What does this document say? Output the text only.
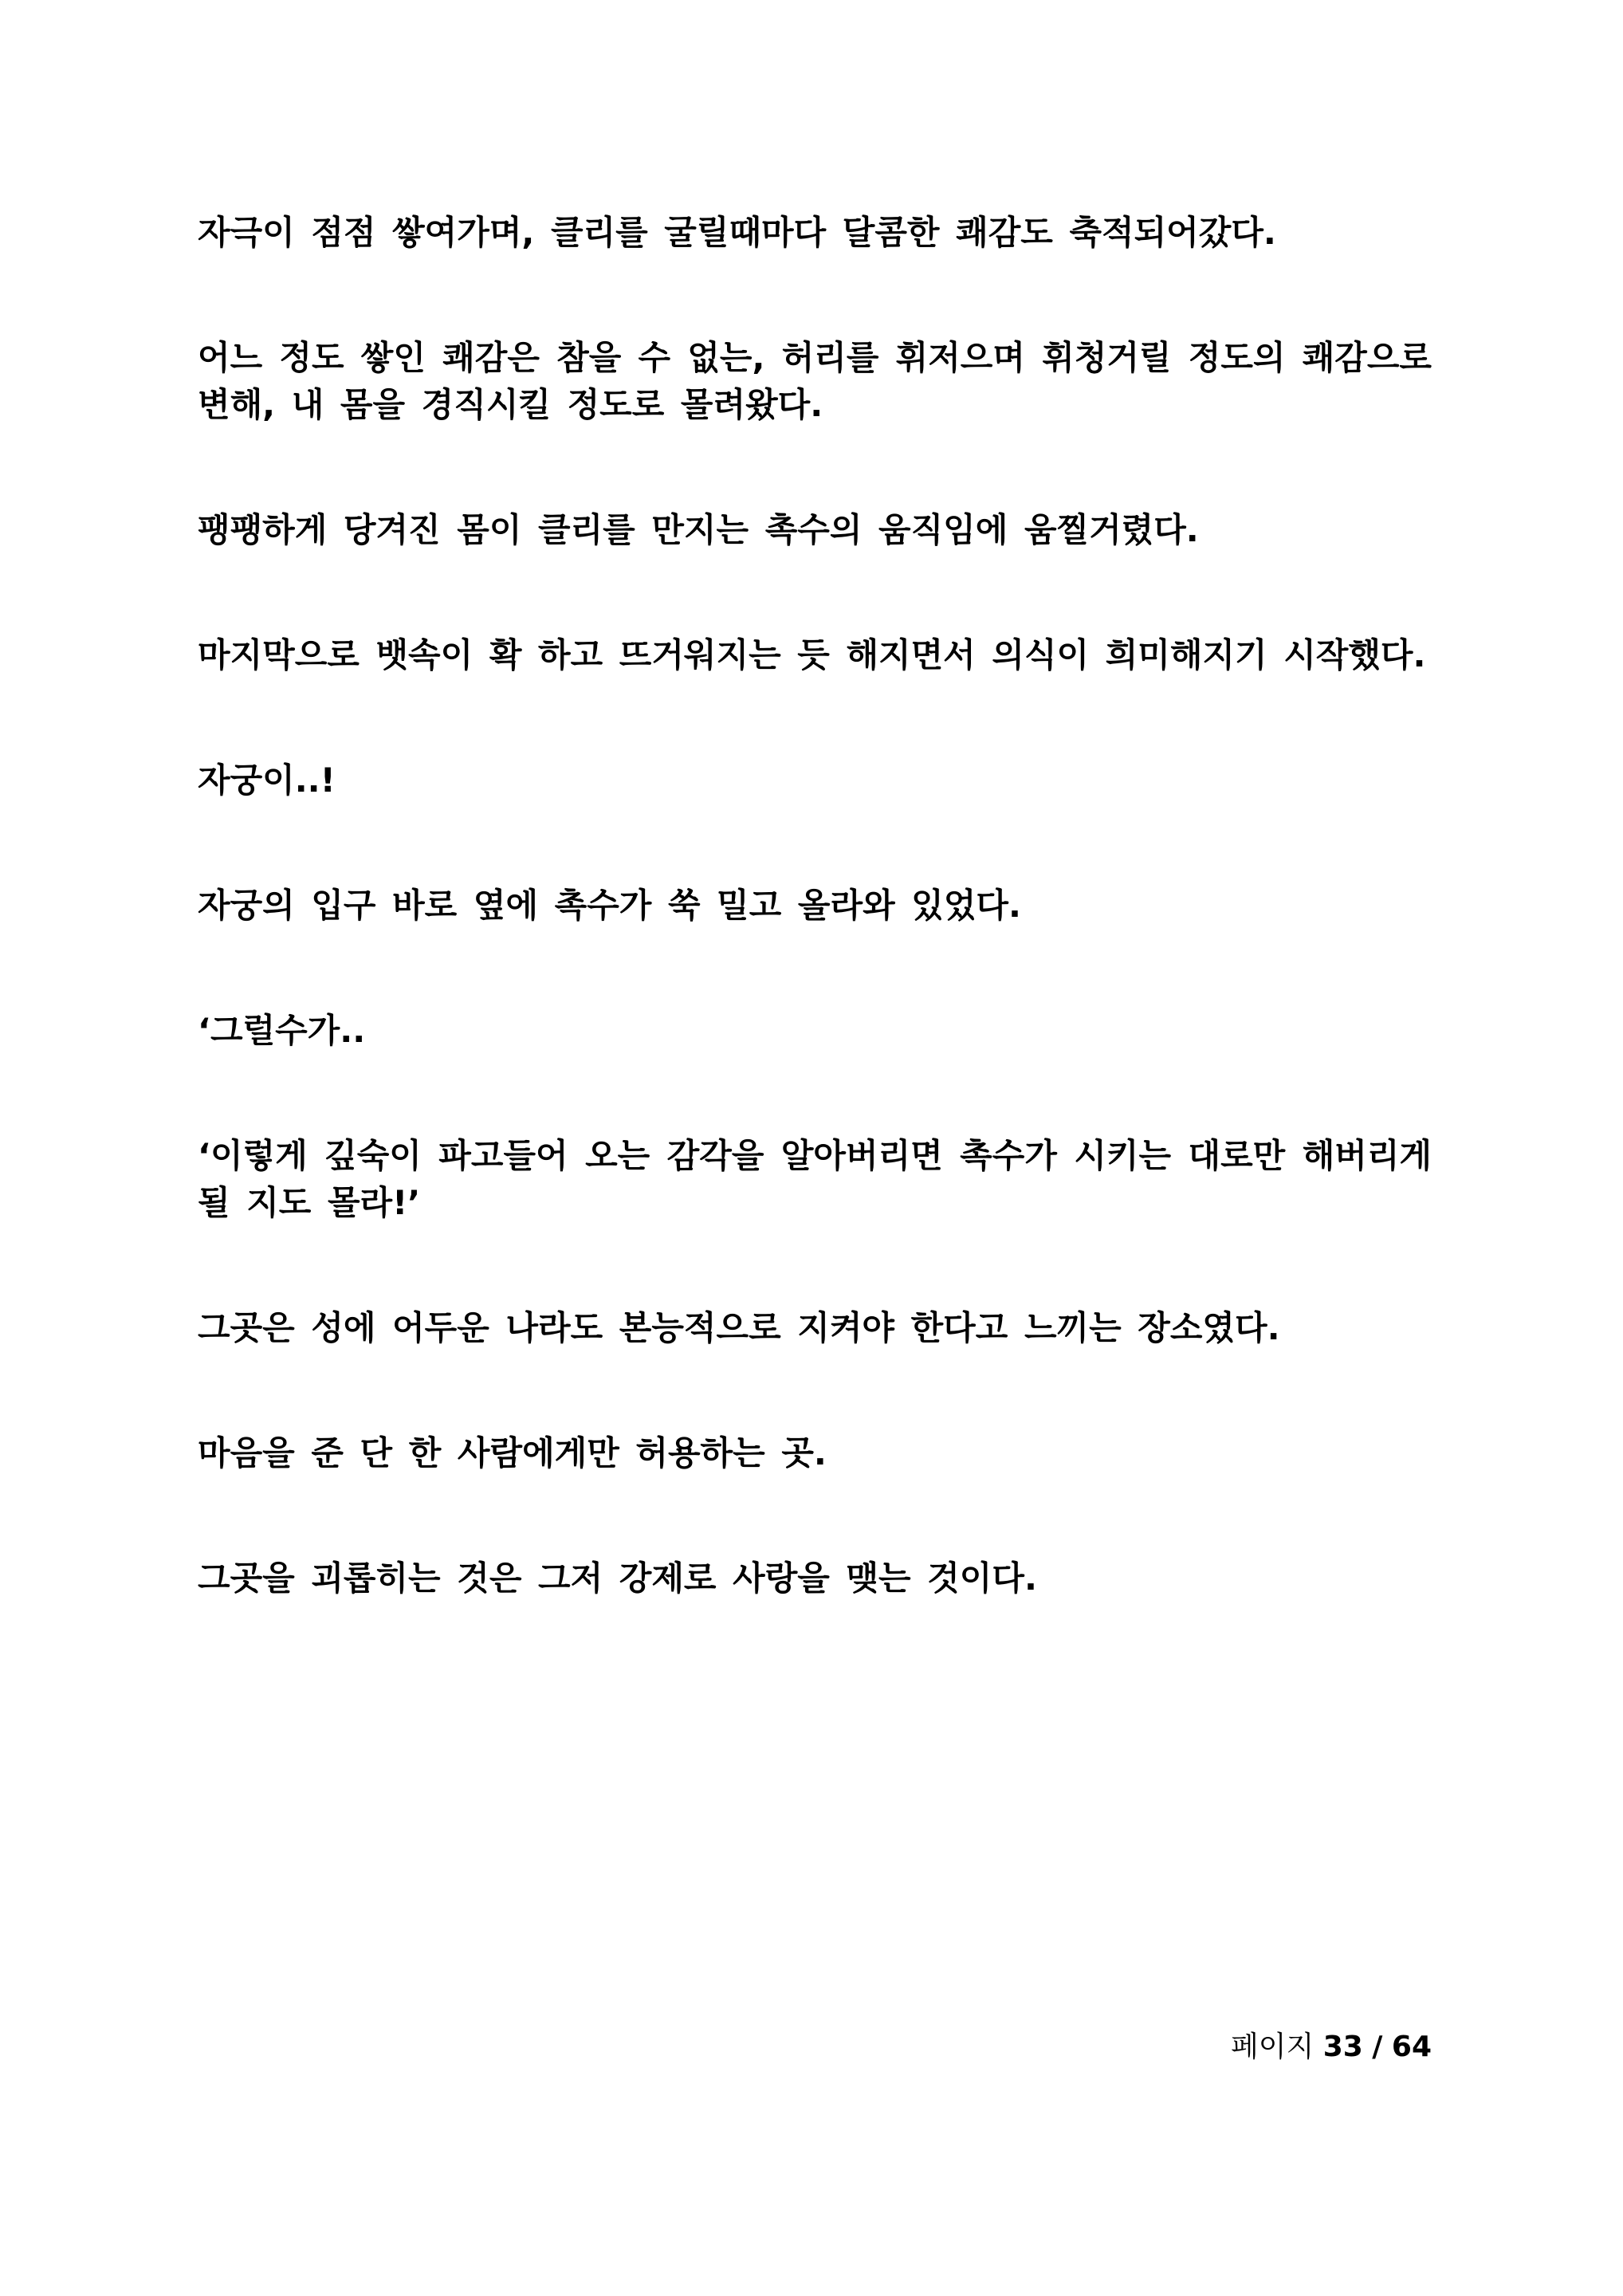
자극이 점점 쌓여가며, 클리를 굴릴때마다 달콤한 쾌감도 축적되어갔다.

어느 정도 쌓인 쾌감은 참을 수 없는, 허리를 휘저으며 휘청거릴 정도의 쾌감으로 변해, 내 몸을 경직시킬 정도로 몰려왔다.

팽팽하게 당겨진 몸이 클리를 만지는 촉수의 움직임에 움찔거렸다.

마지막으로 뱃속이 확 하고 뜨거워지는 듯 해지면서 의식이 희미해지기 시작했다.

자궁이..!

자궁의 입구 바로 옆에 촉수가 쑥 밀고 올라와 있었다.

‘그럴수가..

‘이렇게 깊숙이 파고들어 오는 감각을 알아버리면 촉수가 시키는 대로만 해버리게 될 지도 몰라!’

그곳은 성에 어두운 나라도 본능적으로 지켜야 한다고 느끼는 장소였다.

마음을 준 단 한 사람에게만 허용하는 곳.

그곳을 괴롭히는 것은 그저 강제로 사랑을 맺는 것이다.

페이지 33 / 64
